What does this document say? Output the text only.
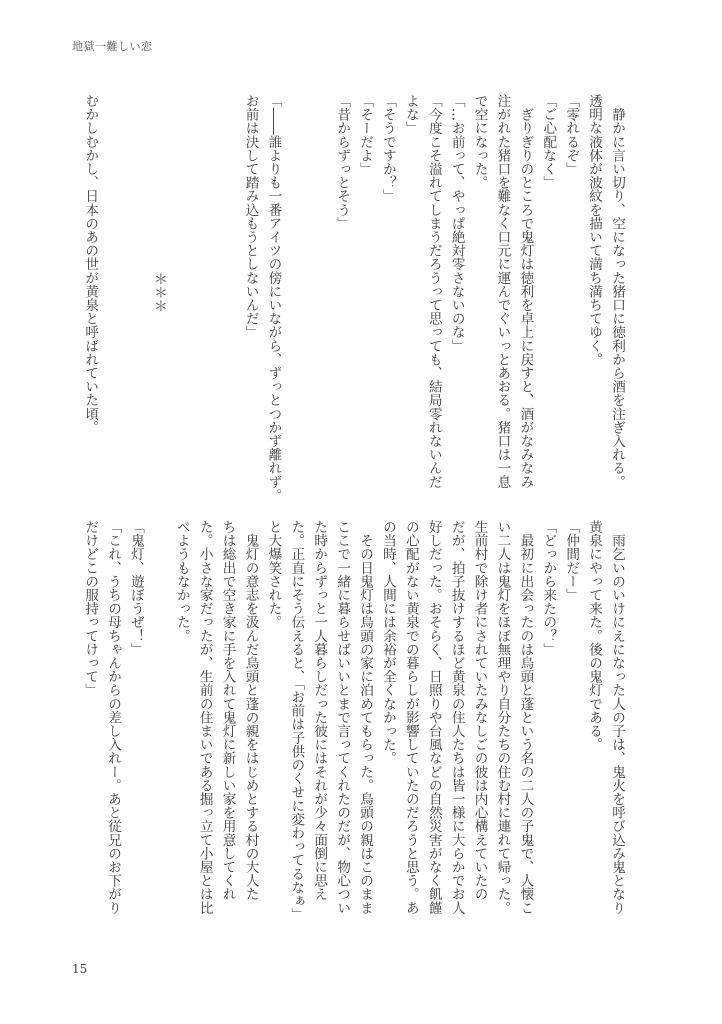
地獄一難しい恋
　静かに言い切り、空になった猪口に徳利から酒を注ぎ入れる。
透明な液体が波紋を描いて満ち満ちてゆく。
「零れるぞ」
「ご心配なく」
　ぎりぎりのところで鬼灯は徳利を卓上に戻すと、酒がなみなみ
注がれた猪口を難なく口元に運んでぐいっとあおる。猪口は一息
で空になった。
「…お前って、やっぱ絶対零さないのな」
「今度こそ溢れてしまうだろうって思っても、結局零れないんだ
よな」
「そうですか？」
「そーだよ」
「昔からずっとそう」

「――誰よりも一番アイツの傍にいながら、ずっとつかず離れず。
お前は決して踏み込もうとしないんだ」

＊＊＊

むかしむかし、日本のあの世が黄泉と呼ばれていた頃。
　雨乞いのいけにえになった人の子は、鬼火を呼び込み鬼となり
黄泉にやって来た。後の鬼灯である。
「仲間だー」
「どっから来たの？」
　最初に出会ったのは烏頭と蓬という名の二人の子鬼で、人懐こ
い二人は鬼灯をほぼ無理やり自分たちの住む村に連れて帰った。
生前村で除け者にされていたみなしごの彼は内心構えていたの
だが、拍子抜けするほど黄泉の住人たちは皆一様に大らかでお人
好しだった。おそらく、日照りや台風などの自然災害がなく飢饉
の心配がない黄泉での暮らしが影響していたのだろうと思う。あ
の当時、人間には余裕が全くなかった。
　その日鬼灯は烏頭の家に泊めてもらった。烏頭の親はこのまま
ここで一緒に暮らせばいいとまで言ってくれたのだが、物心つい
た時からずっと一人暮らしだった彼にはそれが少々面倒に思え
た。正直にそう伝えると、「お前は子供のくせに変わってるなぁ」
と大爆笑された。
　鬼灯の意志を汲んだ烏頭と蓬の親をはじめとする村の大人た
ちは総出で空き家に手を入れて鬼灯に新しい家を用意してくれ
た。小さな家だったが、生前の住まいである掘っ立て小屋とは比
べようもなかった。

「鬼灯、遊ぼうぜ！」
「これ、うちの母ちゃんからの差し入れー。あと従兄のお下がり
だけどこの服持ってけって」
15
